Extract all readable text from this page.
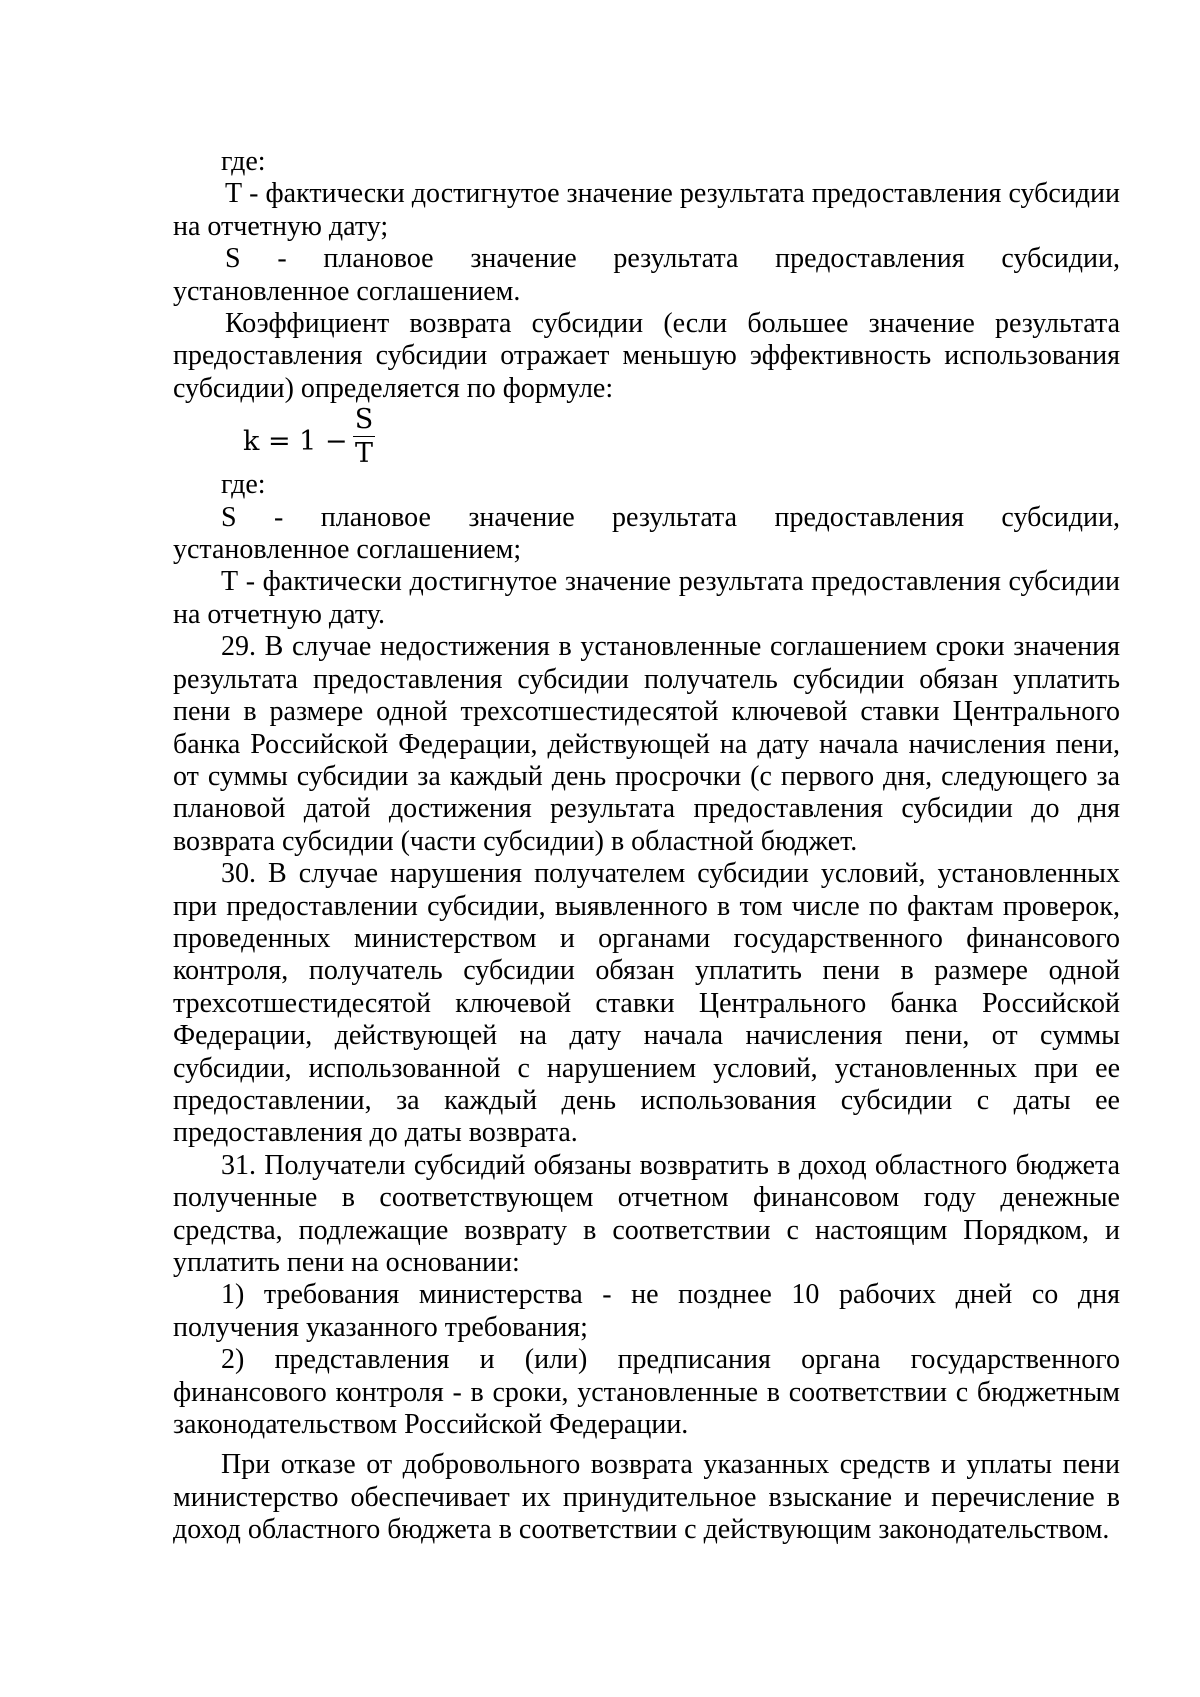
где:

Т - фактически достигнутое значение результата предоставления субсидии на отчетную дату;

S - плановое значение результата предоставления субсидии, установленное соглашением.

Коэффициент возврата субсидии (если большее значение результата предоставления субсидии отражает меньшую эффективность использования субсидии) определяется по формуле:

k = 1 −
S
T

где:

S - плановое значение результата предоставления субсидии, установленное соглашением;

Т - фактически достигнутое значение результата предоставления субсидии на отчетную дату.

29. В случае недостижения в установленные соглашением сроки значения результата предоставления субсидии получатель субсидии обязан уплатить пени в размере одной трехсотшестидесятой ключевой ставки Центрального банка Российской Федерации, действующей на дату начала начисления пени, от суммы субсидии за каждый день просрочки (с первого дня, следующего за плановой датой достижения результата предоставления субсидии до дня возврата субсидии (части субсидии) в областной бюджет.

30. В случае нарушения получателем субсидии условий, установленных при предоставлении субсидии, выявленного в том числе по фактам проверок, проведенных министерством и органами государственного финансового контроля, получатель субсидии обязан уплатить пени в размере одной трехсотшестидесятой ключевой ставки Центрального банка Российской Федерации, действующей на дату начала начисления пени, от суммы субсидии, использованной с нарушением условий, установленных при ее предоставлении, за каждый день использования субсидии с даты ее предоставления до даты возврата.

31. Получатели субсидий обязаны возвратить в доход областного бюджета полученные в соответствующем отчетном финансовом году денежные средства, подлежащие возврату в соответствии с настоящим Порядком, и уплатить пени на основании:

1) требования министерства - не позднее 10 рабочих дней со дня получения указанного требования;

2) представления и (или) предписания органа государственного финансового контроля - в сроки, установленные в соответствии с бюджетным законодательством Российской Федерации.

При отказе от добровольного возврата указанных средств и уплаты пени министерство обеспечивает их принудительное взыскание и перечисление в доход областного бюджета в соответствии с действующим законодательством.
